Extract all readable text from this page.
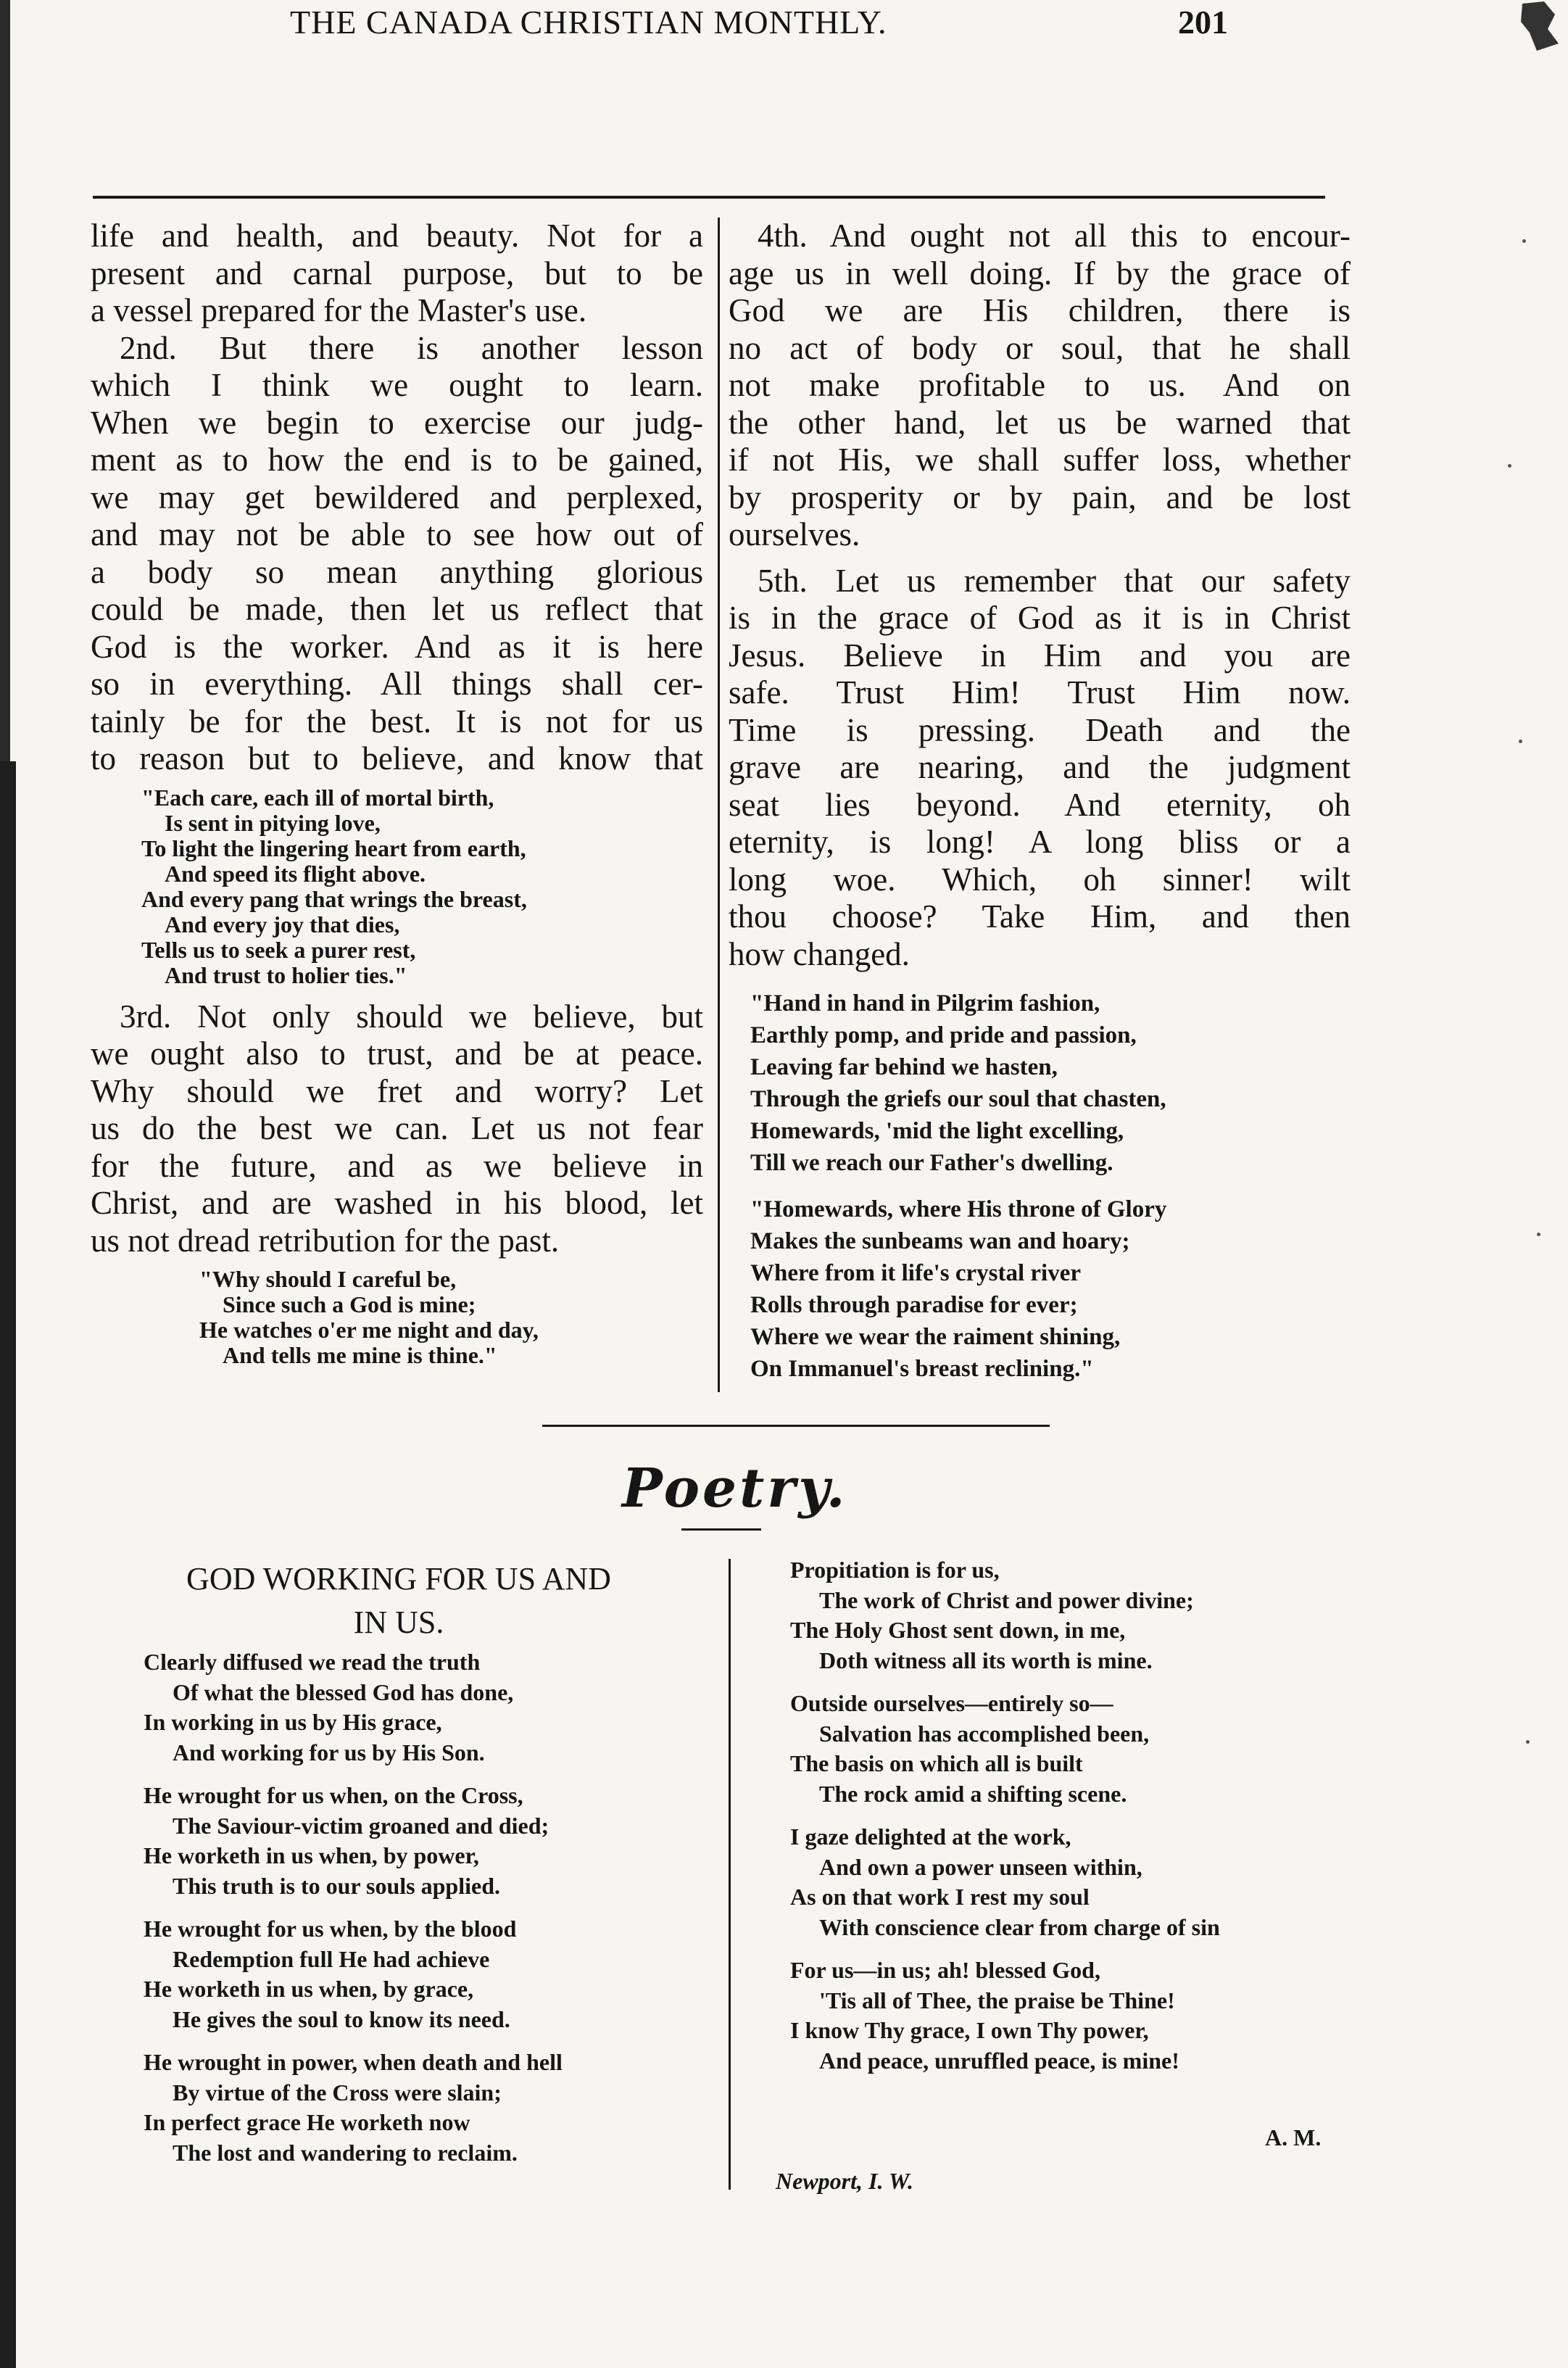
THE CANADA CHRISTIAN MONTHLY.	201
life and health, and beauty. Not for a
present and carnal purpose, but to be
a vessel prepared for the Master's use.
2nd. But there is another lesson
which I think we ought to learn.
When we begin to exercise our judg-
ment as to how the end is to be gained,
we may get bewildered and perplexed,
and may not be able to see how out of
a body so mean anything glorious
could be made, then let us reflect that
God is the worker. And as it is here
so in everything. All things shall cer-
tainly be for the best. It is not for us
to reason but to believe, and know that
"Each care, each ill of mortal birth,
Is sent in pitying love,
To light the lingering heart from earth,
And speed its flight above.
And every pang that wrings the breast,
And every joy that dies,
Tells us to seek a purer rest,
And trust to holier ties."
3rd. Not only should we believe, but
we ought also to trust, and be at peace.
Why should we fret and worry? Let
us do the best we can. Let us not fear
for the future, and as we believe in
Christ, and are washed in his blood, let
us not dread retribution for the past.
"Why should I careful be,
Since such a God is mine;
He watches o'er me night and day,
And tells me mine is thine."
4th. And ought not all this to encour-
age us in well doing. If by the grace of
God we are His children, there is
no act of body or soul, that he shall
not make profitable to us. And on
the other hand, let us be warned that
if not His, we shall suffer loss, whether
by prosperity or by pain, and be lost
ourselves.
5th. Let us remember that our safety
is in the grace of God as it is in Christ
Jesus. Believe in Him and you are
safe. Trust Him! Trust Him now.
Time is pressing. Death and the
grave are nearing, and the judgment
seat lies beyond. And eternity, oh
eternity, is long! A long bliss or a
long woe. Which, oh sinner! wilt
thou choose? Take Him, and then
how changed.
"Hand in hand in Pilgrim fashion,
Earthly pomp, and pride and passion,
Leaving far behind we hasten,
Through the griefs our soul that chasten,
Homewards, 'mid the light excelling,
Till we reach our Father's dwelling.
"Homewards, where His throne of Glory
Makes the sunbeams wan and hoary;
Where from it life's crystal river
Rolls through paradise for ever;
Where we wear the raiment shining,
On Immanuel's breast reclining."
Poetry.
GOD WORKING FOR US AND
IN US.
Clearly diffused we read the truth
Of what the blessed God has done,
In working in us by His grace,
And working for us by His Son.
He wrought for us when, on the Cross,
The Saviour-victim groaned and died;
He worketh in us when, by power,
This truth is to our souls applied.
He wrought for us when, by the blood
Redemption full He had achieve
He worketh in us when, by grace,
He gives the soul to know its need.
He wrought in power, when death and hell
By virtue of the Cross were slain;
In perfect grace He worketh now
The lost and wandering to reclaim.
Propitiation is for us,
The work of Christ and power divine;
The Holy Ghost sent down, in me,
Doth witness all its worth is mine.
Outside ourselves—entirely so—
Salvation has accomplished been,
The basis on which all is built
The rock amid a shifting scene.
I gaze delighted at the work,
And own a power unseen within,
As on that work I rest my soul
With conscience clear from charge of sin
For us—in us; ah! blessed God,
'Tis all of Thee, the praise be Thine!
I know Thy grace, I own Thy power,
And peace, unruffled peace, is mine!
A. M.
Newport, I. W.
